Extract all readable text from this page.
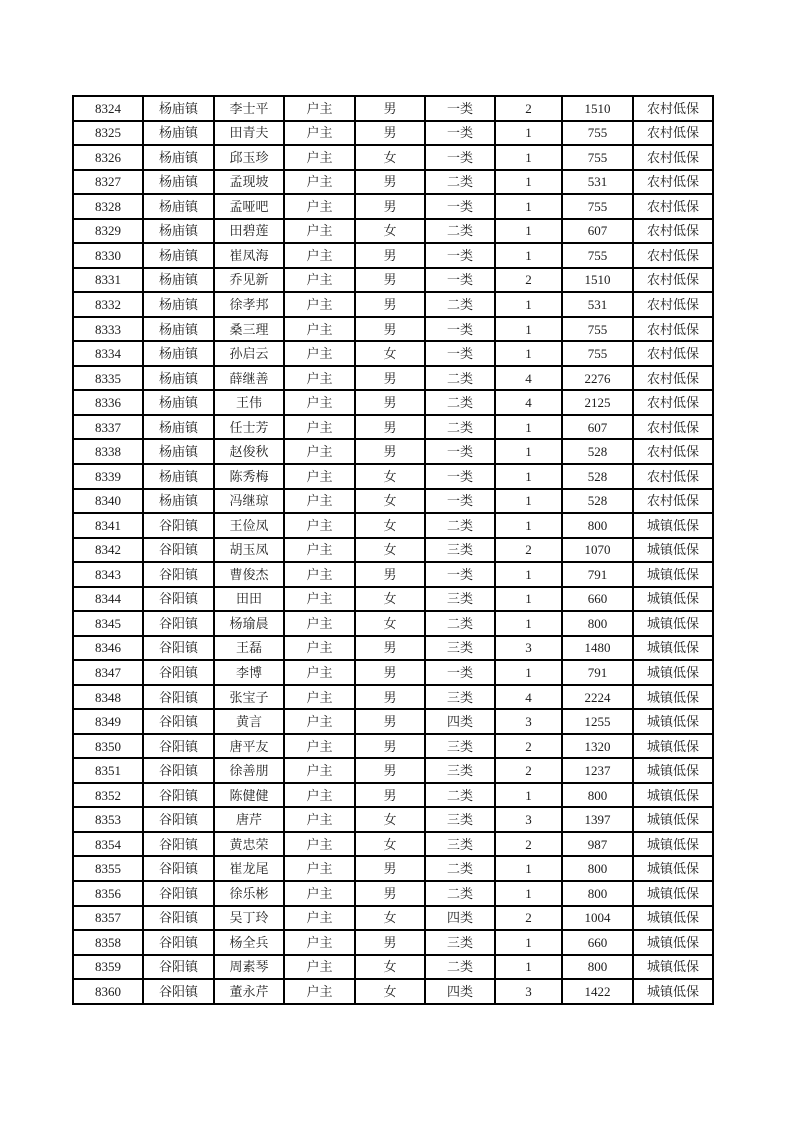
8324	杨庙镇	李士平	户主	男	一类	2	1510	农村低保
8325	杨庙镇	田青夫	户主	男	一类	1	755	农村低保
8326	杨庙镇	邱玉珍	户主	女	一类	1	755	农村低保
8327	杨庙镇	孟现坡	户主	男	二类	1	531	农村低保
8328	杨庙镇	孟哑吧	户主	男	一类	1	755	农村低保
8329	杨庙镇	田碧莲	户主	女	二类	1	607	农村低保
8330	杨庙镇	崔凤海	户主	男	一类	1	755	农村低保
8331	杨庙镇	乔见新	户主	男	一类	2	1510	农村低保
8332	杨庙镇	徐孝邦	户主	男	二类	1	531	农村低保
8333	杨庙镇	桑三理	户主	男	一类	1	755	农村低保
8334	杨庙镇	孙启云	户主	女	一类	1	755	农村低保
8335	杨庙镇	薛继善	户主	男	二类	4	2276	农村低保
8336	杨庙镇	王伟	户主	男	二类	4	2125	农村低保
8337	杨庙镇	任士芳	户主	男	二类	1	607	农村低保
8338	杨庙镇	赵俊秋	户主	男	一类	1	528	农村低保
8339	杨庙镇	陈秀梅	户主	女	一类	1	528	农村低保
8340	杨庙镇	冯继琼	户主	女	一类	1	528	农村低保
8341	谷阳镇	王俭凤	户主	女	二类	1	800	城镇低保
8342	谷阳镇	胡玉凤	户主	女	三类	2	1070	城镇低保
8343	谷阳镇	曹俊杰	户主	男	一类	1	791	城镇低保
8344	谷阳镇	田田	户主	女	三类	1	660	城镇低保
8345	谷阳镇	杨瑜晨	户主	女	二类	1	800	城镇低保
8346	谷阳镇	王磊	户主	男	三类	3	1480	城镇低保
8347	谷阳镇	李博	户主	男	一类	1	791	城镇低保
8348	谷阳镇	张宝子	户主	男	三类	4	2224	城镇低保
8349	谷阳镇	黄言	户主	男	四类	3	1255	城镇低保
8350	谷阳镇	唐平友	户主	男	三类	2	1320	城镇低保
8351	谷阳镇	徐善朋	户主	男	三类	2	1237	城镇低保
8352	谷阳镇	陈健健	户主	男	二类	1	800	城镇低保
8353	谷阳镇	唐芹	户主	女	三类	3	1397	城镇低保
8354	谷阳镇	黄忠荣	户主	女	三类	2	987	城镇低保
8355	谷阳镇	崔龙尾	户主	男	二类	1	800	城镇低保
8356	谷阳镇	徐乐彬	户主	男	二类	1	800	城镇低保
8357	谷阳镇	吴丁玲	户主	女	四类	2	1004	城镇低保
8358	谷阳镇	杨全兵	户主	男	三类	1	660	城镇低保
8359	谷阳镇	周素琴	户主	女	二类	1	800	城镇低保
8360	谷阳镇	董永芹	户主	女	四类	3	1422	城镇低保
